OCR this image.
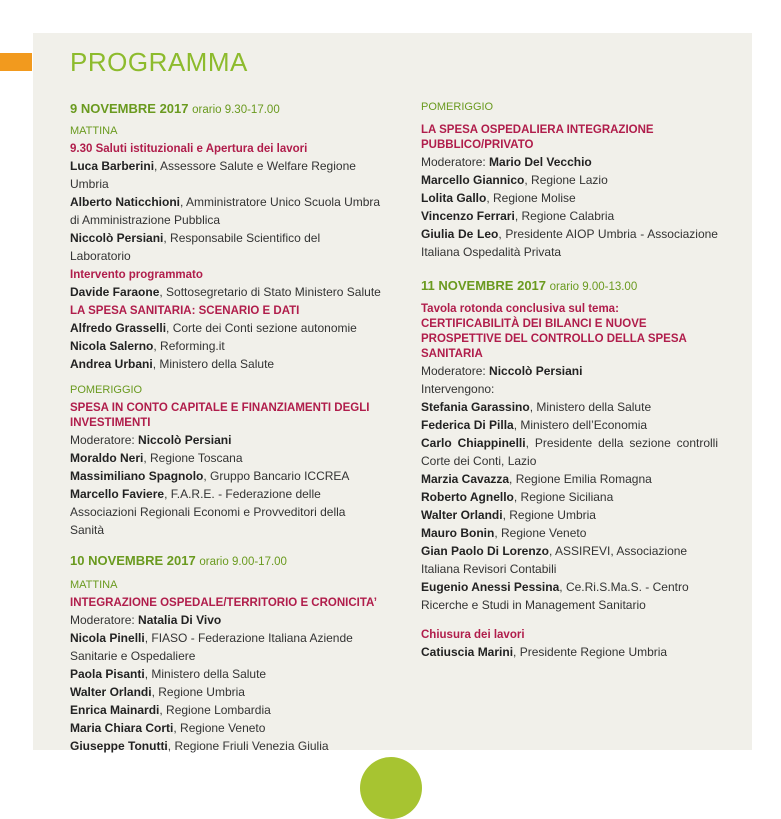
PROGRAMMA

9 NOVEMBRE 2017 orario 9.30-17.00

MATTINA

9.30 Saluti istituzionali e Apertura dei lavori

Luca Barberini, Assessore Salute e Welfare Regione Umbria

Alberto Naticchioni, Amministratore Unico Scuola Umbra di Amministrazione Pubblica

Niccolò Persiani, Responsabile Scientifico del Laboratorio

Intervento programmato

Davide Faraone, Sottosegretario di Stato Ministero Salute

LA SPESA SANITARIA: SCENARIO E DATI

Alfredo Grasselli, Corte dei Conti sezione autonomie

Nicola Salerno, Reforming.it

Andrea Urbani, Ministero della Salute

POMERIGGIO

SPESA IN CONTO CAPITALE E FINANZIAMENTI DEGLI INVESTIMENTI

Moderatore: Niccolò Persiani

Moraldo Neri, Regione Toscana

Massimiliano Spagnolo, Gruppo Bancario ICCREA

Marcello Faviere, F.A.R.E. - Federazione delle Associazioni Regionali Economi e Provveditori della Sanità

10 NOVEMBRE 2017 orario 9.00-17.00

MATTINA

INTEGRAZIONE OSPEDALE/TERRITORIO E CRONICITA’

Moderatore: Natalia Di Vivo

Nicola Pinelli, FIASO - Federazione Italiana Aziende Sanitarie e Ospedaliere

Paola Pisanti, Ministero della Salute

Walter Orlandi, Regione Umbria

Enrica Mainardi, Regione Lombardia

Maria Chiara Corti, Regione Veneto

Giuseppe Tonutti, Regione Friuli Venezia Giulia

POMERIGGIO

LA SPESA OSPEDALIERA INTEGRAZIONE PUBBLICO/PRIVATO

Moderatore: Mario Del Vecchio

Marcello Giannico, Regione Lazio

Lolita Gallo, Regione Molise

Vincenzo Ferrari, Regione Calabria

Giulia De Leo, Presidente AIOP Umbria - Associazione Italiana Ospedalità Privata

11 NOVEMBRE 2017 orario 9.00-13.00

Tavola rotonda conclusiva sul tema: CERTIFICABILITÀ DEI BILANCI E NUOVE PROSPETTIVE DEL CONTROLLO DELLA SPESA SANITARIA

Moderatore: Niccolò Persiani

Intervengono:

Stefania Garassino, Ministero della Salute

Federica Di Pilla, Ministero dell’Economia

Carlo Chiappinelli, Presidente della sezione controlli Corte dei Conti, Lazio

Marzia Cavazza, Regione Emilia Romagna

Roberto Agnello, Regione Siciliana

Walter Orlandi, Regione Umbria

Mauro Bonin, Regione Veneto

Gian Paolo Di Lorenzo, ASSIREVI, Associazione Italiana Revisori Contabili

Eugenio Anessi Pessina, Ce.Ri.S.Ma.S. - Centro Ricerche e Studi in Management Sanitario

Chiusura dei lavori

Catiuscia Marini, Presidente Regione Umbria
